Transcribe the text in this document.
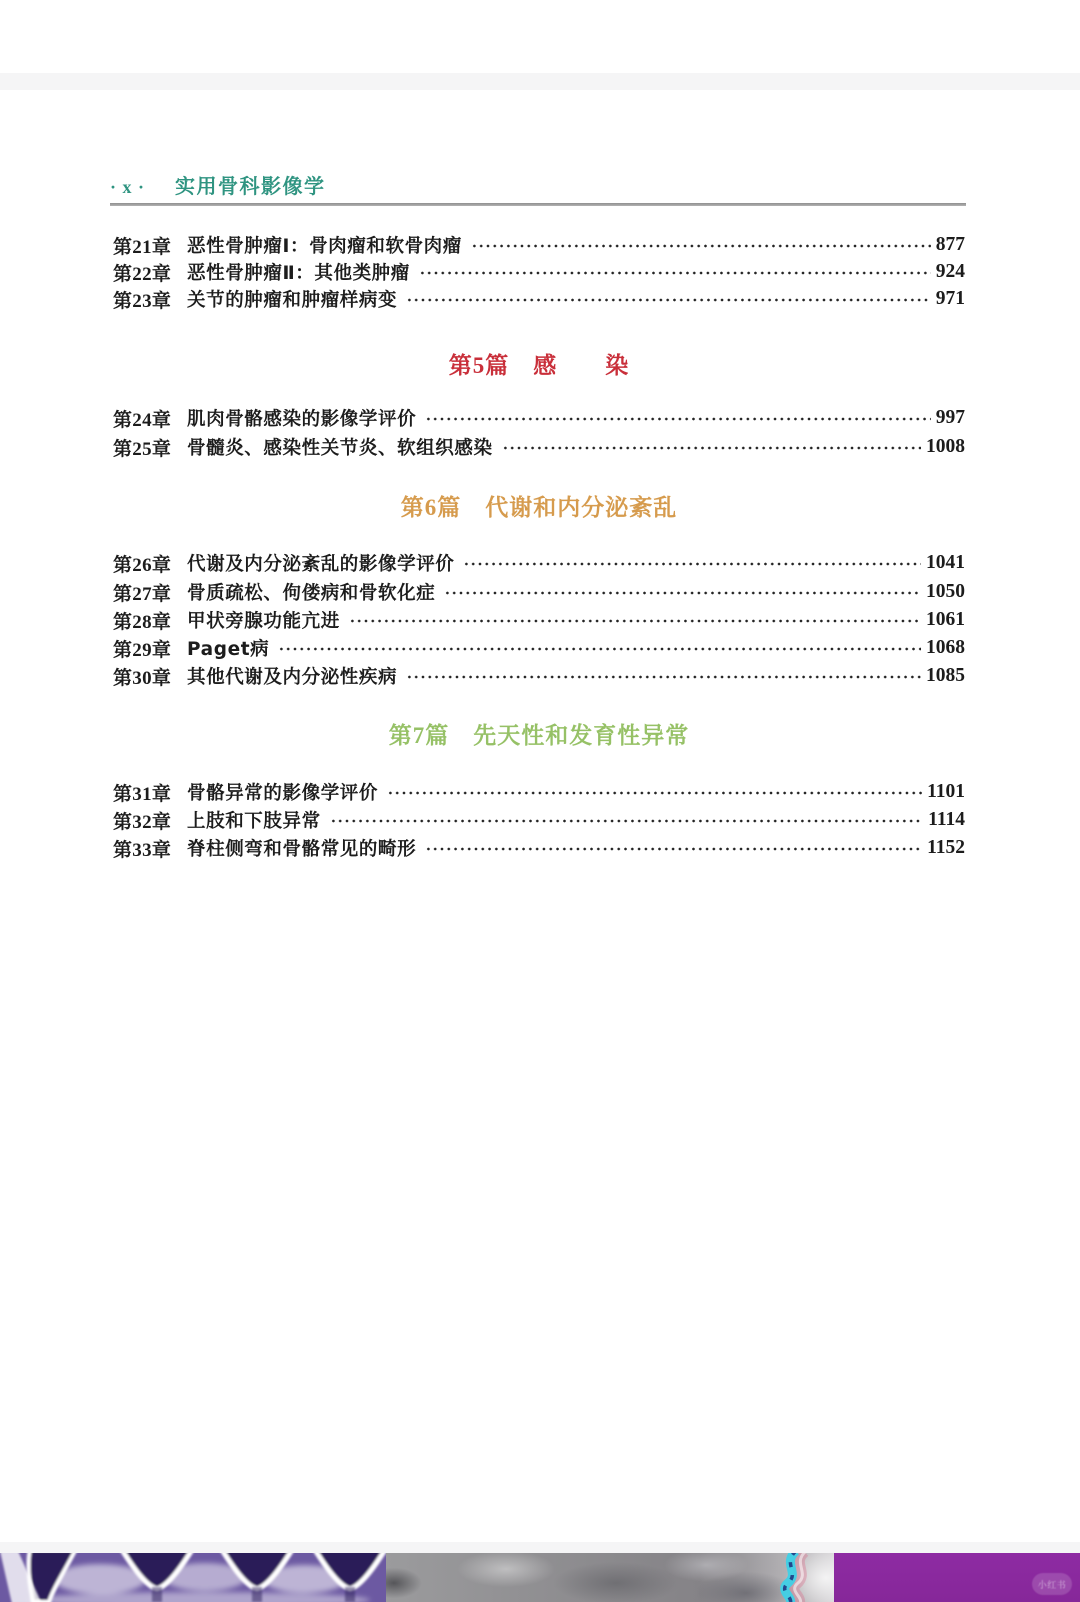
· x · 实用骨科影像学
第21章 恶性骨肿瘤Ⅰ：骨肉瘤和软骨肉瘤	877
第22章 恶性骨肿瘤Ⅱ：其他类肿瘤	924
第23章 关节的肿瘤和肿瘤样病变	971
第5篇 感　　染
第24章 肌肉骨骼感染的影像学评价	997
第25章 骨髓炎、感染性关节炎、软组织感染	1008
第6篇 代谢和内分泌紊乱
第26章 代谢及内分泌紊乱的影像学评价	1041
第27章 骨质疏松、佝偻病和骨软化症	1050
第28章 甲状旁腺功能亢进	1061
第29章 Paget病	1068
第30章 其他代谢及内分泌性疾病	1085
第7篇 先天性和发育性异常
第31章 骨骼异常的影像学评价	1101
第32章 上肢和下肢异常	1114
第33章 脊柱侧弯和骨骼常见的畸形	1152
小红书
